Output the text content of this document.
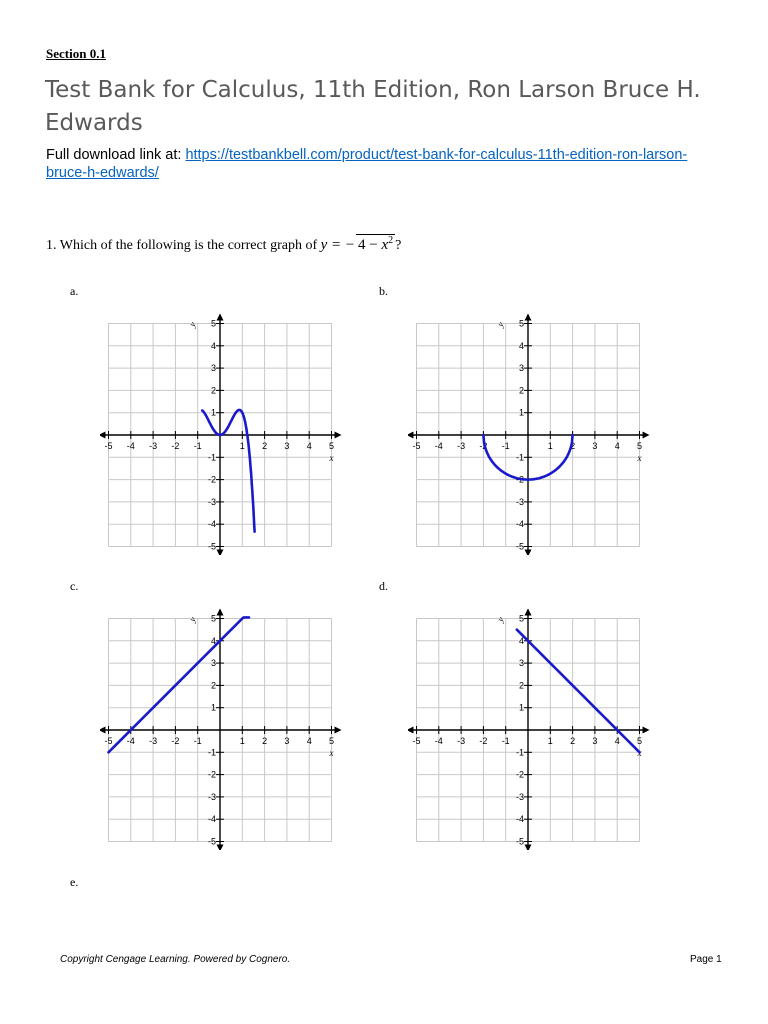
Section 0.1
Test Bank for Calculus, 11th Edition, Ron Larson Bruce H. Edwards
Full download link at: https://testbankbell.com/product/test-bank-for-calculus-11th-edition-ron-larson-bruce-h-edwards/
1. Which of the following is the correct graph of y = − $4 - x^2$ ?
a.	b.
c.	d.
e.
-5 -4 -3 -2 -1	1 2 3 4 5
5
4
3
2
1
-1
-2
-3
-4
-5
x
y
-5 -4 -3 -2 -1	1 2 3 4 5
5
4
3
2
1
-1
-2
-3
-4
-5
x
y
-5 -4 -3 -2 -1	1 2 3 4 5
5
4
3
2
1
-1
-2
-3
-4
-5
x
y
-5 -4 -3 -2 -1	1 2 3 4 5
5
4
3
2
1
-1
-2
-3
-4
-5
x
y
Copyright Cengage Learning. Powered by Cognero.	Page 1
